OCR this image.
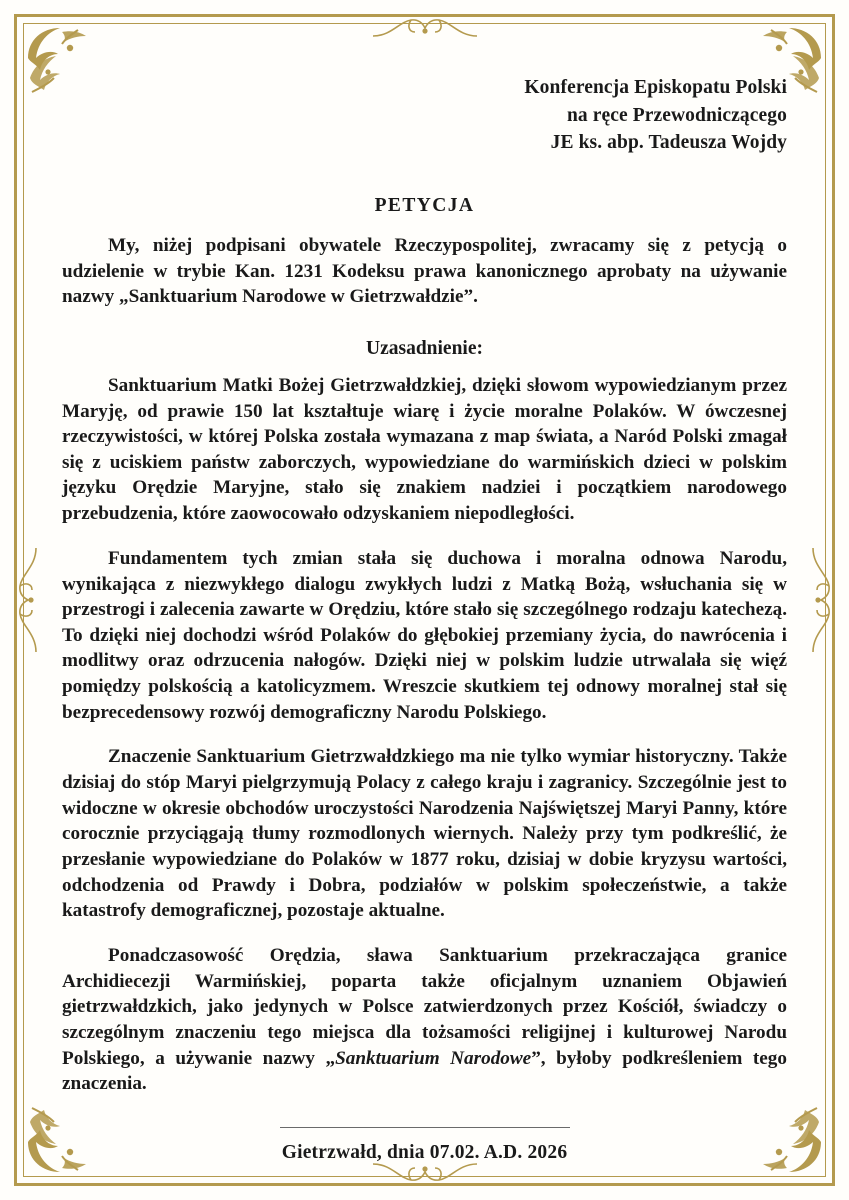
Konferencja Episkopatu Polski
na ręce Przewodniczącego
JE ks. abp. Tadeusza Wojdy
PETYCJA

My, niżej podpisani obywatele Rzeczypospolitej, zwracamy się z petycją o udzielenie w trybie Kan. 1231 Kodeksu prawa kanonicznego aprobaty na używanie nazwy „Sanktuarium Narodowe w Gietrzwałdzie”.

Uzasadnienie:

Sanktuarium Matki Bożej Gietrzwałdzkiej, dzięki słowom wypowiedzianym przez Maryję, od prawie 150 lat kształtuje wiarę i życie moralne Polaków. W ówczesnej rzeczywistości, w której Polska została wymazana z map świata, a Naród Polski zmagał się z uciskiem państw zaborczych, wypowiedziane do warmińskich dzieci w polskim języku Orędzie Maryjne, stało się znakiem nadziei i początkiem narodowego przebudzenia, które zaowocowało odzyskaniem niepodległości.

Fundamentem tych zmian stała się duchowa i moralna odnowa Narodu, wynikająca z niezwykłego dialogu zwykłych ludzi z Matką Bożą, wsłuchania się w przestrogi i zalecenia zawarte w Orędziu, które stało się szczególnego rodzaju katechezą. To dzięki niej dochodzi wśród Polaków do głębokiej przemiany życia, do nawrócenia i modlitwy oraz odrzucenia nałogów. Dzięki niej w polskim ludzie utrwalała się więź pomiędzy polskością a katolicyzmem. Wreszcie skutkiem tej odnowy moralnej stał się bezprecedensowy rozwój demograficzny Narodu Polskiego.

Znaczenie Sanktuarium Gietrzwałdzkiego ma nie tylko wymiar historyczny. Także dzisiaj do stóp Maryi pielgrzymują Polacy z całego kraju i zagranicy. Szczególnie jest to widoczne w okresie obchodów uroczystości Narodzenia Najświętszej Maryi Panny, które corocznie przyciągają tłumy rozmodlonych wiernych. Należy przy tym podkreślić, że przesłanie wypowiedziane do Polaków w 1877 roku, dzisiaj w dobie kryzysu wartości, odchodzenia od Prawdy i Dobra, podziałów w polskim społeczeństwie, a także katastrofy demograficznej, pozostaje aktualne.

Ponadczasowość Orędzia, sława Sanktuarium przekraczająca granice Archidiecezji Warmińskiej, poparta także oficjalnym uznaniem Objawień gietrzwałdzkich, jako jedynych w Polsce zatwierdzonych przez Kościół, świadczy o szczególnym znaczeniu tego miejsca dla tożsamości religijnej i kulturowej Narodu Polskiego, a używanie nazwy „Sanktuarium Narodowe”, byłoby podkreśleniem tego znaczenia.

Gietrzwałd, dnia 07.02. A.D. 2026
